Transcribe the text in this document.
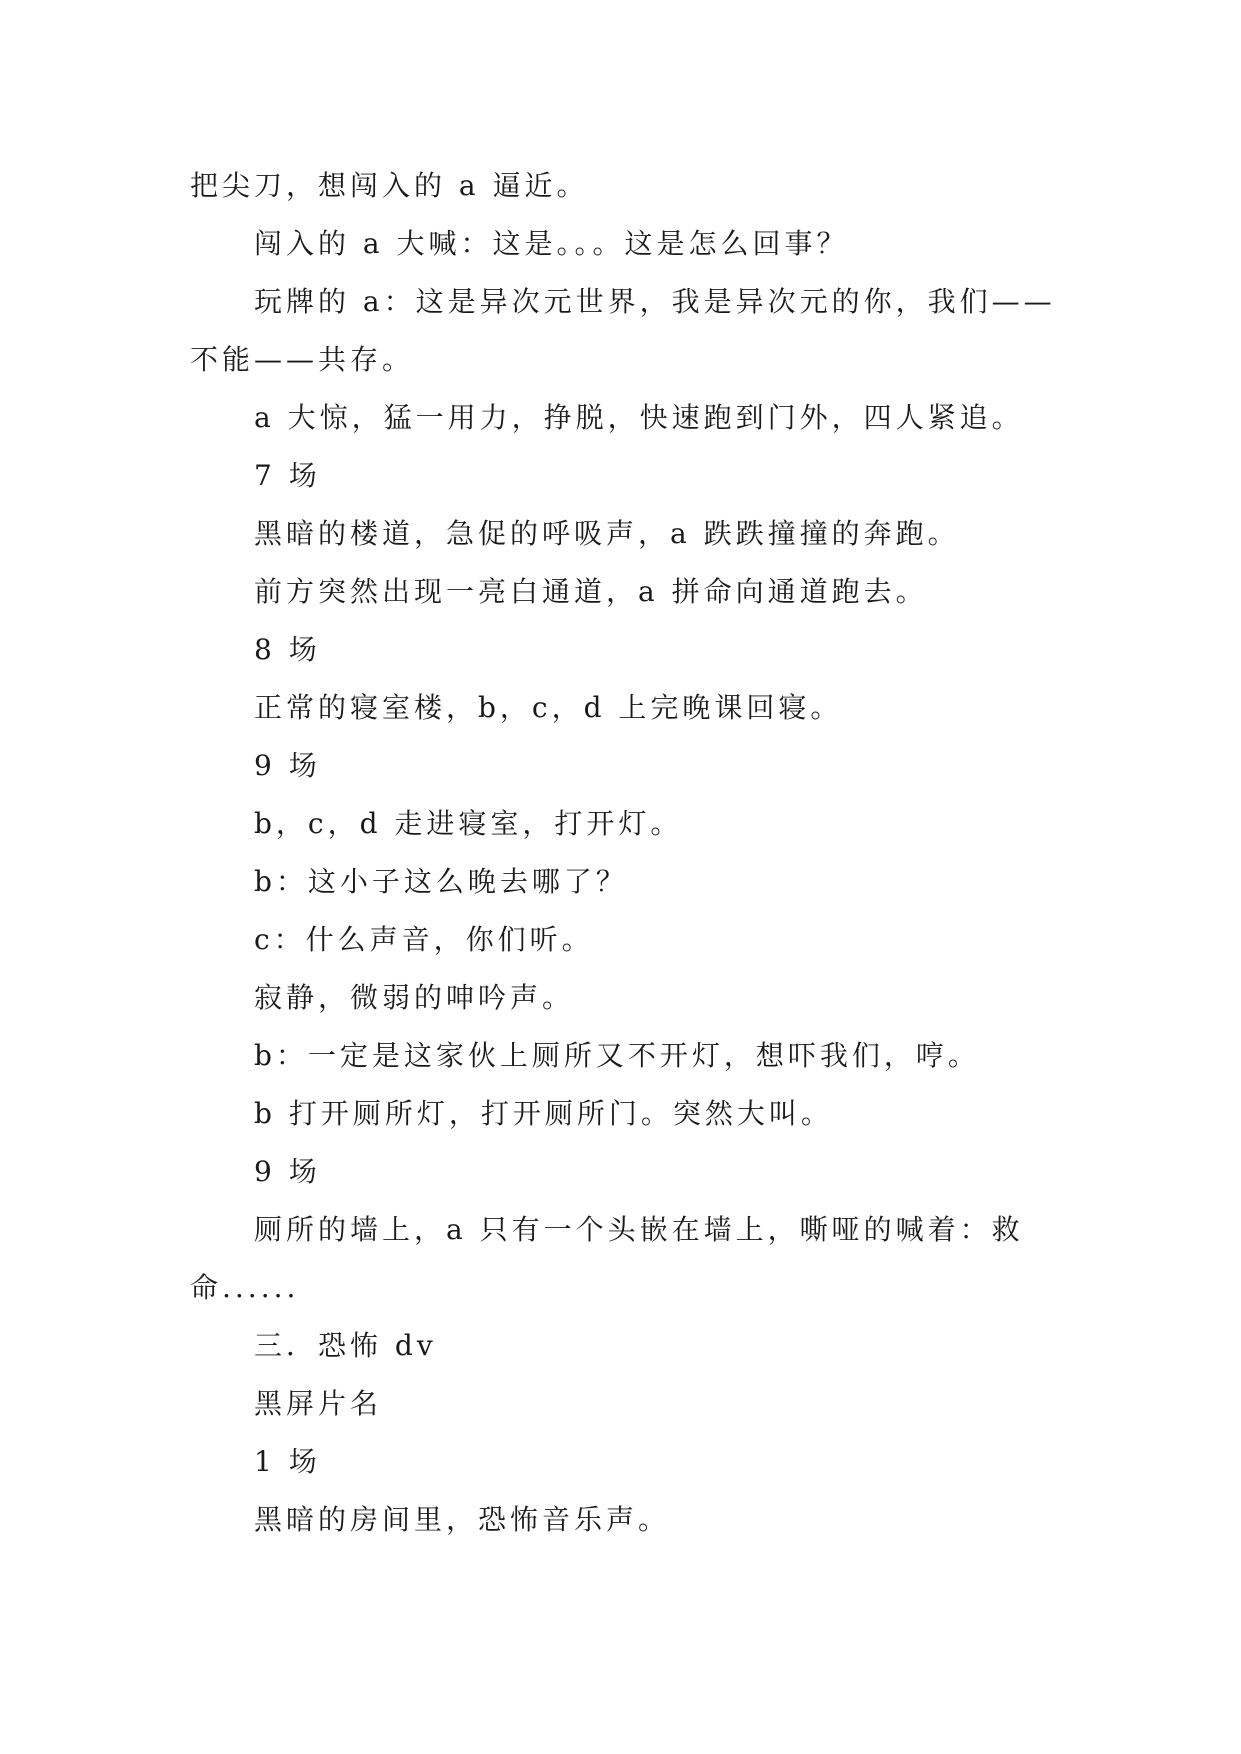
把尖刀，想闯入的 a 逼近。
闯入的 a 大喊：这是。。。这是怎么回事？
玩牌的 a：这是异次元世界，我是异次元的你，我们——
不能——共存。
a 大惊，猛一用力，挣脱，快速跑到门外，四人紧追。
7 场
黑暗的楼道，急促的呼吸声，a 跌跌撞撞的奔跑。
前方突然出现一亮白通道，a 拼命向通道跑去。
8 场
正常的寝室楼，b，c，d 上完晚课回寝。
9 场
b，c，d 走进寝室，打开灯。
b：这小子这么晚去哪了？
c：什么声音，你们听。
寂静，微弱的呻吟声。
b：一定是这家伙上厕所又不开灯，想吓我们，哼。
b 打开厕所灯，打开厕所门。突然大叫。
9 场
厕所的墙上，a 只有一个头嵌在墙上，嘶哑的喊着：救
命......
三．恐怖 dv
黑屏片名
1 场
黑暗的房间里，恐怖音乐声。
